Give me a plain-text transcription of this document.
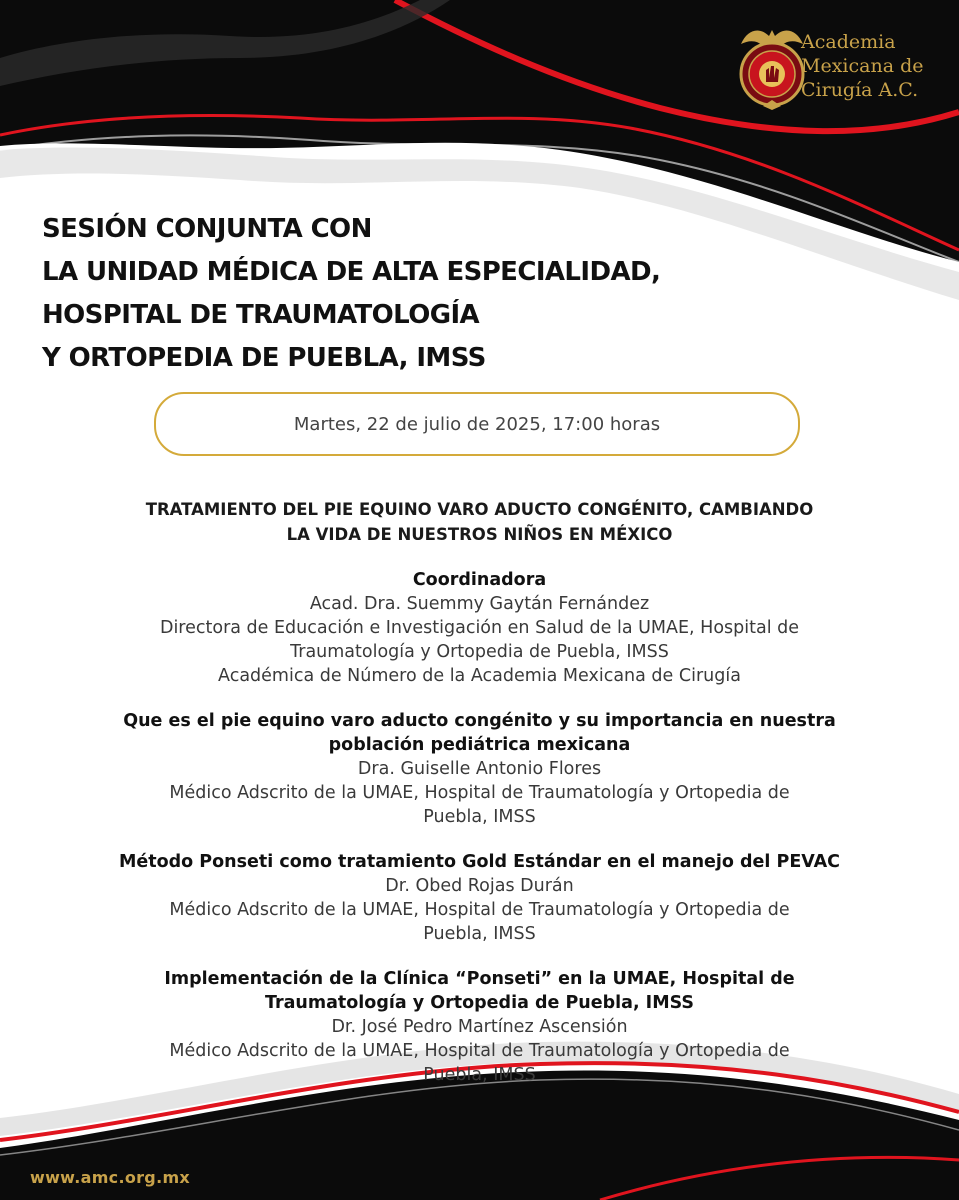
Academia
Mexicana de
Cirugía A.C.
SESIÓN CONJUNTA CON
LA UNIDAD MÉDICA DE ALTA ESPECIALIDAD,
HOSPITAL DE TRAUMATOLOGÍA
Y ORTOPEDIA DE PUEBLA, IMSS
Martes, 22 de julio de 2025, 17:00 horas
TRATAMIENTO DEL PIE EQUINO VARO ADUCTO CONGÉNITO, CAMBIANDO
LA VIDA DE NUESTROS NIÑOS EN MÉXICO
Coordinadora
Acad. Dra. Suemmy Gaytán Fernández
Directora de Educación e Investigación en Salud de la UMAE, Hospital de
Traumatología y Ortopedia de Puebla, IMSS
Académica de Número de la Academia Mexicana de Cirugía
Que es el pie equino varo aducto congénito y su importancia en nuestra
población pediátrica mexicana
Dra. Guiselle Antonio Flores
Médico Adscrito de la UMAE, Hospital de Traumatología y Ortopedia de
Puebla, IMSS
Método Ponseti como tratamiento Gold Estándar en el manejo del PEVAC
Dr. Obed Rojas Durán
Médico Adscrito de la UMAE, Hospital de Traumatología y Ortopedia de
Puebla, IMSS
Implementación de la Clínica “Ponseti” en la UMAE, Hospital de
Traumatología y Ortopedia de Puebla, IMSS
Dr. José Pedro Martínez Ascensión
Médico Adscrito de la UMAE, Hospital de Traumatología y Ortopedia de
Puebla, IMSS
www.amc.org.mx
